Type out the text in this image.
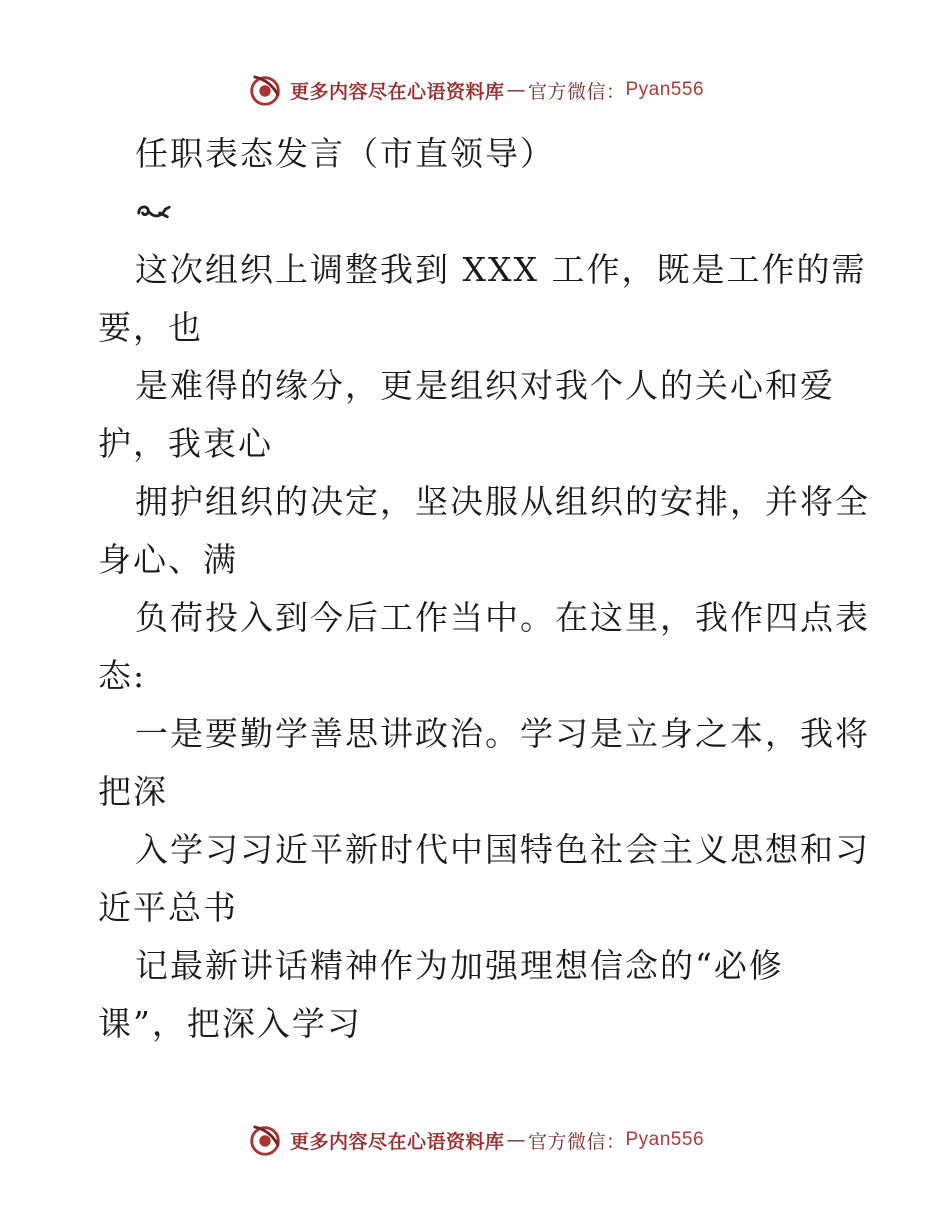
更多内容尽在心语资料库 — 官方微信： Pyan556
任职表态发言（市直领导）
这次组织上调整我到 XXX 工作，既是工作的需
要，也
是难得的缘分，更是组织对我个人的关心和爱
护，我衷心
拥护组织的决定，坚决服从组织的安排，并将全
身心、满
负荷投入到今后工作当中。在这里，我作四点表
态:
一是要勤学善思讲政治。学习是立身之本，我将
把深
入学习习近平新时代中国特色社会主义思想和习
近平总书
记最新讲话精神作为加强理想信念的“必修
课”，把深入学习
更多内容尽在心语资料库 — 官方微信： Pyan556
